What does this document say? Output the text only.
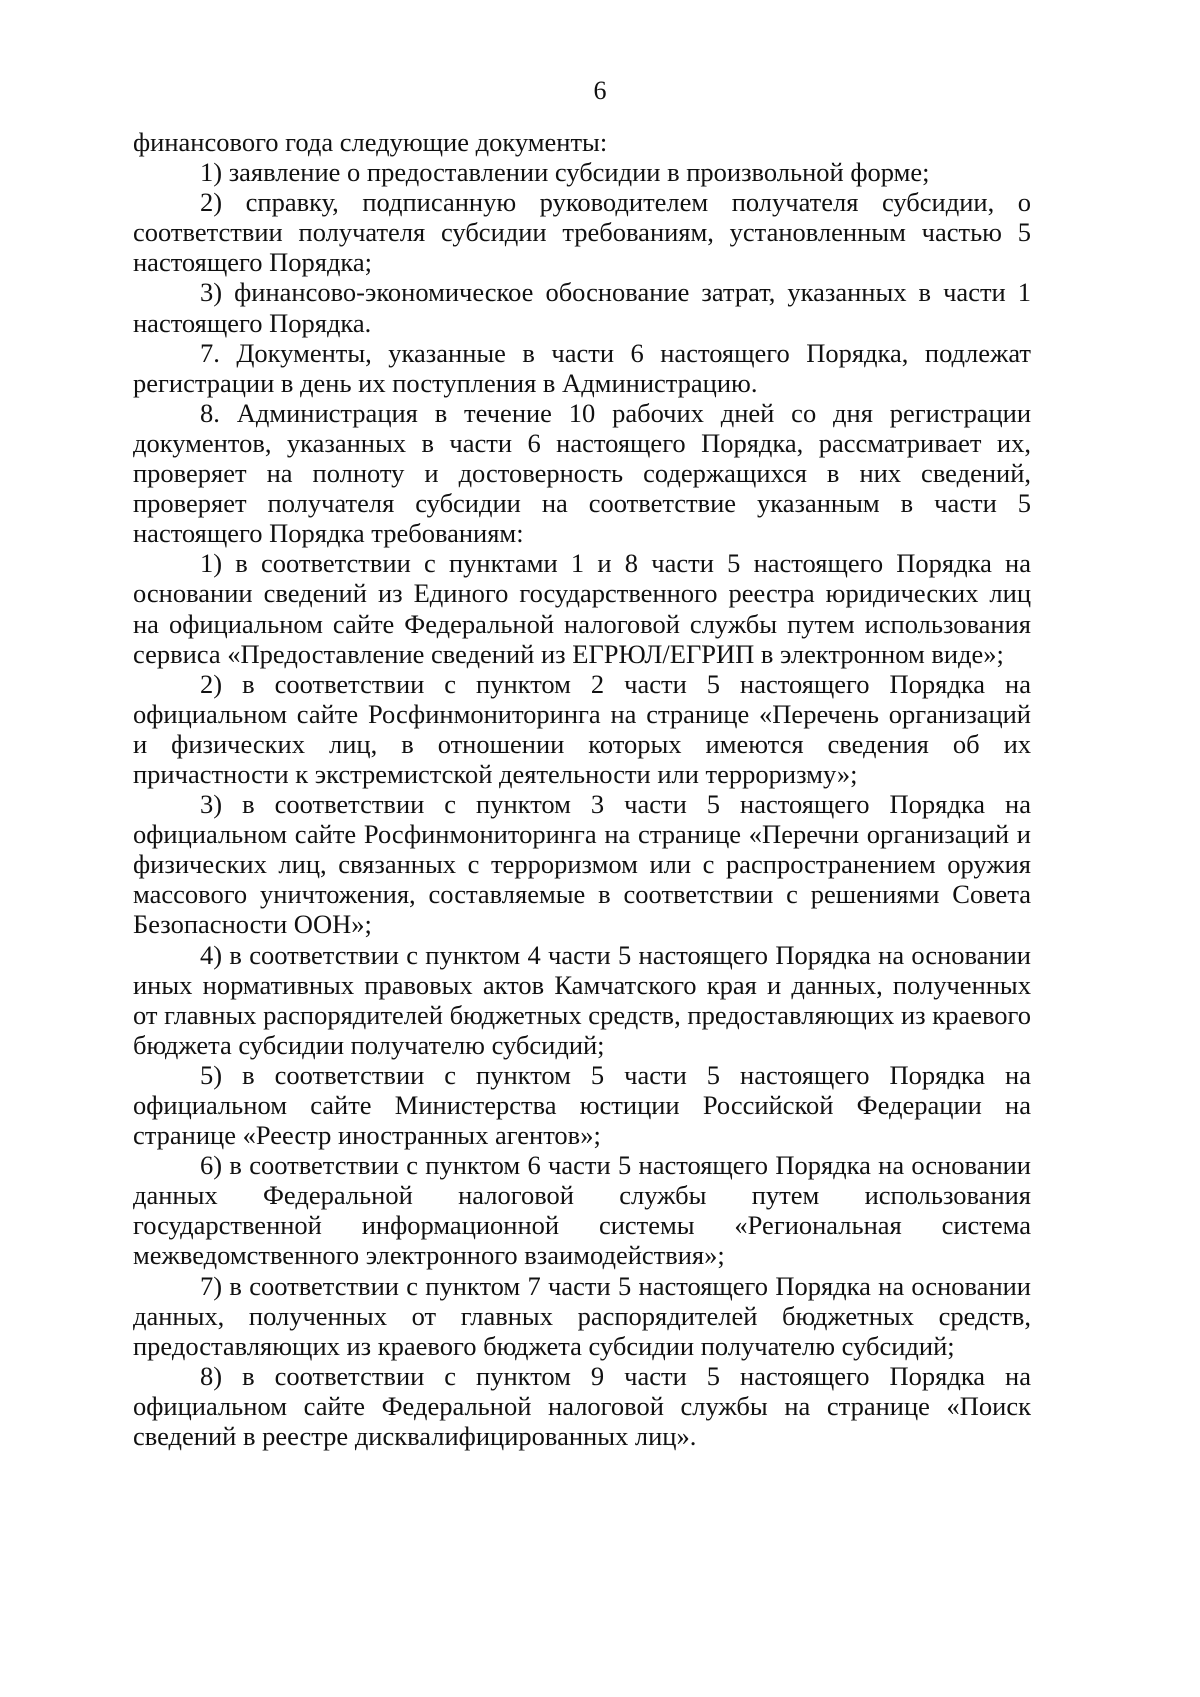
6

финансового года следующие документы:

1) заявление о предоставлении субсидии в произвольной форме;

2) справку, подписанную руководителем получателя субсидии, о соответствии получателя субсидии требованиям, установленным частью 5 настоящего Порядка;

3) финансово-экономическое обоснование затрат, указанных в части 1 настоящего Порядка.

7. Документы, указанные в части 6 настоящего Порядка, подлежат регистрации в день их поступления в Администрацию.

8. Администрация в течение 10 рабочих дней со дня регистрации документов, указанных в части 6 настоящего Порядка, рассматривает их, проверяет на полноту и достоверность содержащихся в них сведений, проверяет получателя субсидии на соответствие указанным в части 5 настоящего Порядка требованиям:

1) в соответствии с пунктами 1 и 8 части 5 настоящего Порядка на основании сведений из Единого государственного реестра юридических лиц на официальном сайте Федеральной налоговой службы путем использования сервиса «Предоставление сведений из ЕГРЮЛ/ЕГРИП в электронном виде»;

2) в соответствии с пунктом 2 части 5 настоящего Порядка на официальном сайте Росфинмониторинга на странице «Перечень организаций и физических лиц, в отношении которых имеются сведения об их причастности к экстремистской деятельности или терроризму»;

3) в соответствии с пунктом 3 части 5 настоящего Порядка на официальном сайте Росфинмониторинга на странице «Перечни организаций и физических лиц, связанных с терроризмом или с распространением оружия массового уничтожения, составляемые в соответствии с решениями Совета Безопасности ООН»;

4) в соответствии с пунктом 4 части 5 настоящего Порядка на основании иных нормативных правовых актов Камчатского края и данных, полученных от главных распорядителей бюджетных средств, предоставляющих из краевого бюджета субсидии получателю субсидий;

5) в соответствии с пунктом 5 части 5 настоящего Порядка на официальном сайте Министерства юстиции Российской Федерации на странице «Реестр иностранных агентов»;

6) в соответствии с пунктом 6 части 5 настоящего Порядка на основании данных Федеральной налоговой службы путем использования государственной информационной системы «Региональная система межведомственного электронного взаимодействия»;

7) в соответствии с пунктом 7 части 5 настоящего Порядка на основании данных, полученных от главных распорядителей бюджетных средств, предоставляющих из краевого бюджета субсидии получателю субсидий;

8) в соответствии с пунктом 9 части 5 настоящего Порядка на официальном сайте Федеральной налоговой службы на странице «Поиск сведений в реестре дисквалифицированных лиц».
